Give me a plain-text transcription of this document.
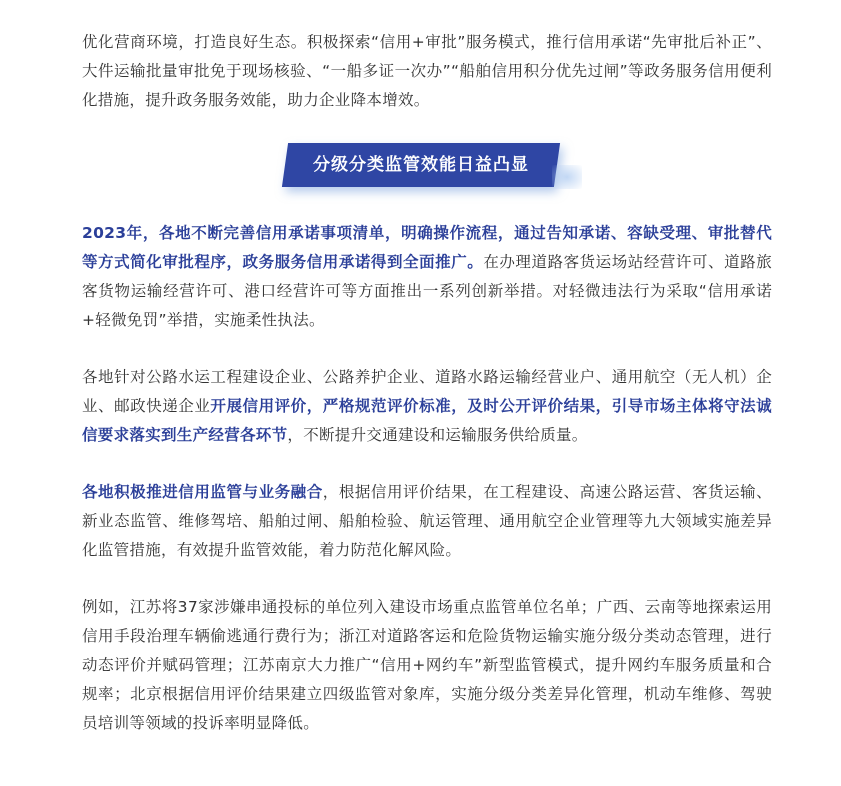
优化营商环境，打造良好生态。积极探索“信用+审批”服务模式，推行信用承诺“先审批后补正”、大件运输批量审批免于现场核验、“一船多证一次办”“船舶信用积分优先过闸”等政务服务信用便利化措施，提升政务服务效能，助力企业降本增效。

分级分类监管效能日益凸显

2023年，各地不断完善信用承诺事项清单，明确操作流程，通过告知承诺、容缺受理、审批替代等方式简化审批程序，政务服务信用承诺得到全面推广。在办理道路客货运场站经营许可、道路旅客货物运输经营许可、港口经营许可等方面推出一系列创新举措。对轻微违法行为采取“信用承诺+轻微免罚”举措，实施柔性执法。

各地针对公路水运工程建设企业、公路养护企业、道路水路运输经营业户、通用航空（无人机）企业、邮政快递企业开展信用评价，严格规范评价标准，及时公开评价结果，引导市场主体将守法诚信要求落实到生产经营各环节，不断提升交通建设和运输服务供给质量。

各地积极推进信用监管与业务融合，根据信用评价结果，在工程建设、高速公路运营、客货运输、新业态监管、维修驾培、船舶过闸、船舶检验、航运管理、通用航空企业管理等九大领域实施差异化监管措施，有效提升监管效能，着力防范化解风险。

例如，江苏将37家涉嫌串通投标的单位列入建设市场重点监管单位名单；广西、云南等地探索运用信用手段治理车辆偷逃通行费行为；浙江对道路客运和危险货物运输实施分级分类动态管理，进行动态评价并赋码管理；江苏南京大力推广“信用+网约车”新型监管模式，提升网约车服务质量和合规率；北京根据信用评价结果建立四级监管对象库，实施分级分类差异化管理，机动车维修、驾驶员培训等领域的投诉率明显降低。
